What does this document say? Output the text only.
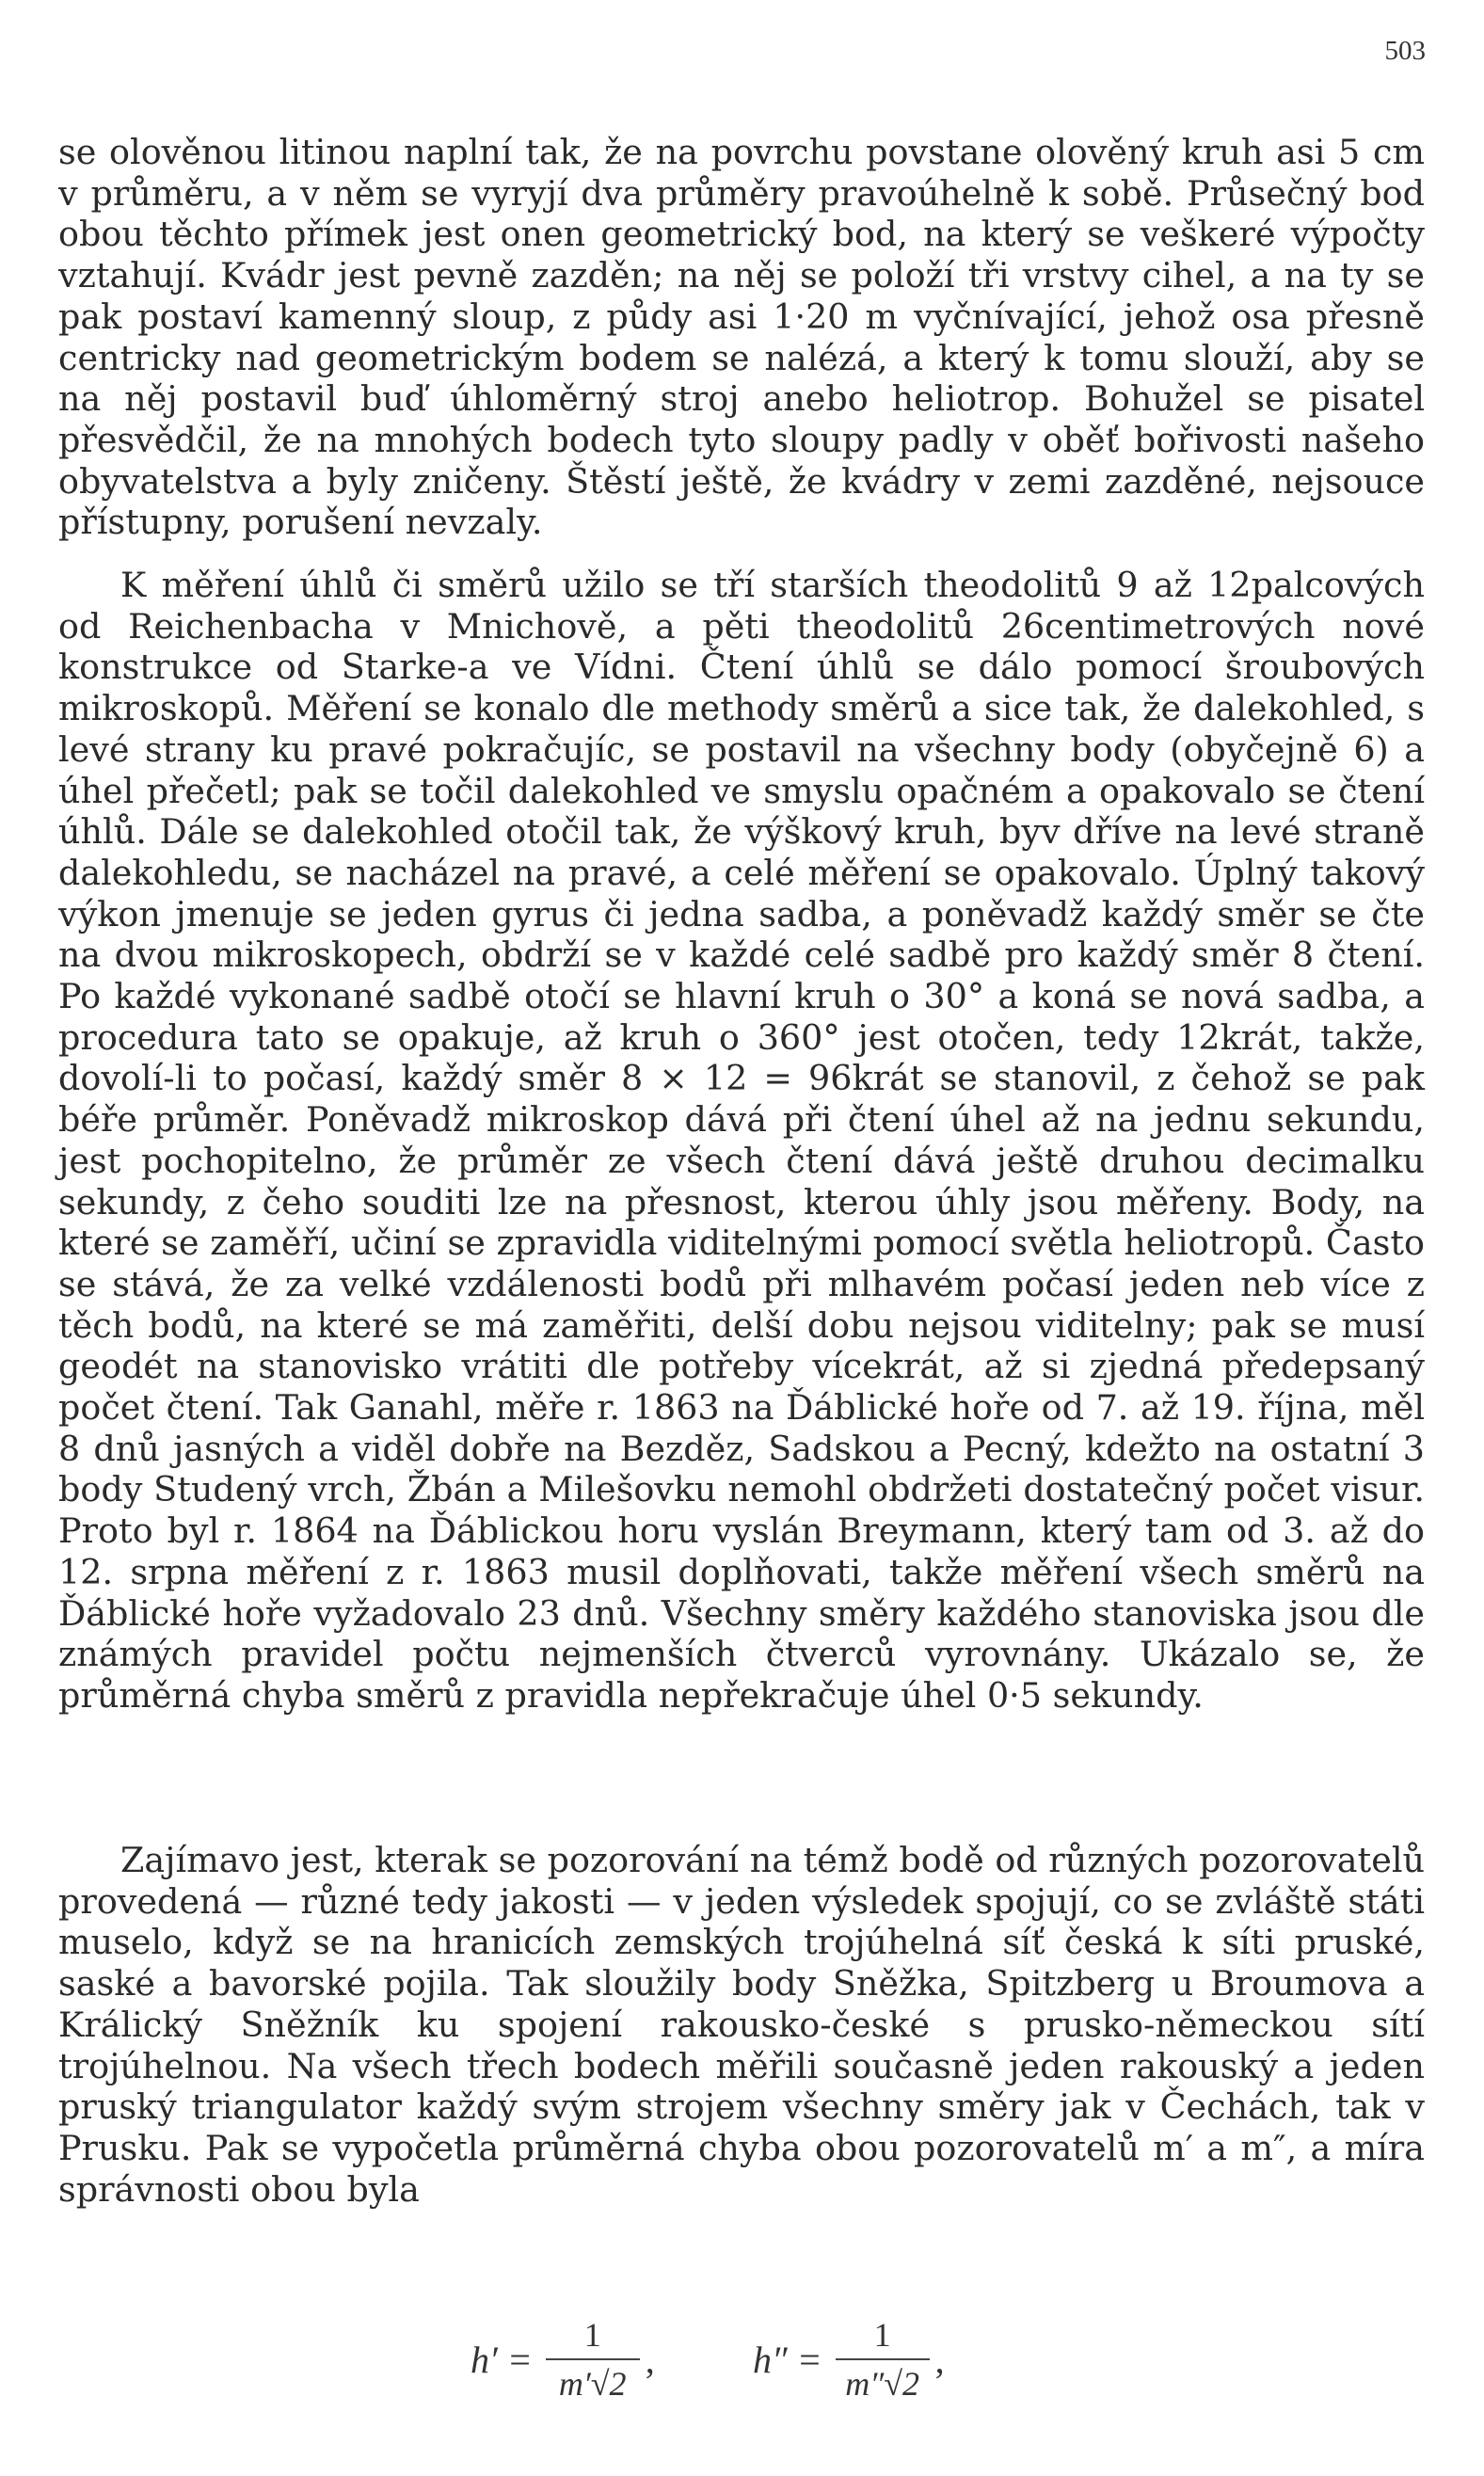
503

se olověnou litinou naplní tak, že na povrchu povstane olověný kruh asi 5 cm v průměru, a v něm se vyryjí dva průměry pravoúhelně k sobě. Průsečný bod obou těchto přímek jest onen geometrický bod, na který se veškeré výpočty vztahují. Kvádr jest pevně zazděn; na něj se položí tři vrstvy cihel, a na ty se pak postaví kamenný sloup, z půdy asi 1·20 m vyčnívající, jehož osa přesně centricky nad geometrickým bodem se nalézá, a který k tomu slouží, aby se na něj postavil buď úhloměrný stroj anebo heliotrop. Bohužel se pisatel přesvědčil, že na mnohých bodech tyto sloupy padly v oběť bořivosti našeho obyvatelstva a byly zničeny. Štěstí ještě, že kvádry v zemi zazděné, nejsouce přístupny, porušení nevzaly.

K měření úhlů či směrů užilo se tří starších theodolitů 9 až 12palcových od Reichenbacha v Mnichově, a pěti theodolitů 26centimetrových nové konstrukce od Starke-a ve Vídni. Čtení úhlů se dálo pomocí šroubových mikroskopů. Měření se konalo dle methody směrů a sice tak, že dalekohled, s levé strany ku pravé pokračujíc, se postavil na všechny body (obyčejně 6) a úhel přečetl; pak se točil dalekohled ve smyslu opačném a opakovalo se čtení úhlů. Dále se dalekohled otočil tak, že výškový kruh, byv dříve na levé straně dalekohledu, se nacházel na pravé, a celé měření se opakovalo. Úplný takový výkon jmenuje se jeden gyrus či jedna sadba, a poněvadž každý směr se čte na dvou mikroskopech, obdrží se v každé celé sadbě pro každý směr 8 čtení. Po každé vykonané sadbě otočí se hlavní kruh o 30° a koná se nová sadba, a procedura tato se opakuje, až kruh o 360° jest otočen, tedy 12krát, takže, dovolí-li to počasí, každý směr 8 × 12 = 96krát se stanovil, z čehož se pak béře průměr. Poněvadž mikroskop dává při čtení úhel až na jednu sekundu, jest pochopitelno, že průměr ze všech čtení dává ještě druhou decimalku sekundy, z čeho souditi lze na přesnost, kterou úhly jsou měřeny. Body, na které se zaměří, učiní se zpravidla viditelnými pomocí světla heliotropů. Často se stává, že za velké vzdálenosti bodů při mlhavém počasí jeden neb více z těch bodů, na které se má zaměřiti, delší dobu nejsou viditelny; pak se musí geodét na stanovisko vrátiti dle potřeby vícekrát, až si zjedná předepsaný počet čtení. Tak Ganahl, měře r. 1863 na Ďáblické hoře od 7. až 19. října, měl 8 dnů jasných a viděl dobře na Bezděz, Sadskou a Pecný, kdežto na ostatní 3 body Studený vrch, Žbán a Milešovku nemohl obdržeti dostatečný počet visur. Proto byl r. 1864 na Ďáblickou horu vyslán Breymann, který tam od 3. až do 12. srpna měření z r. 1863 musil doplňovati, takže měření všech směrů na Ďáblické hoře vyžadovalo 23 dnů. Všechny směry každého stanoviska jsou dle známých pravidel počtu nejmenších čtverců vyrovnány. Ukázalo se, že průměrná chyba směrů z pravidla nepřekračuje úhel 0·5 sekundy.

Zajímavo jest, kterak se pozorování na témž bodě od různých pozorovatelů provedená — různé tedy jakosti — v jeden výsledek spojují, co se zvláště státi muselo, když se na hranicích zemských trojúhelná síť česká k síti pruské, saské a bavorské pojila. Tak sloužily body Sněžka, Spitzberg u Broumova a Králický Sněžník ku spojení rakousko-české s prusko-německou sítí trojúhelnou. Na všech třech bodech měřili současně jeden rakouský a jeden pruský triangulator každý svým strojem všechny směry jak v Čechách, tak v Prusku. Pak se vypočetla průměrná chyba obou pozorovatelů m′ a m″, a míra správnosti obou byla

$h' = \frac{1}{m'√2}$ ,	$h'' = \frac{1}{m''√2}$ ,
